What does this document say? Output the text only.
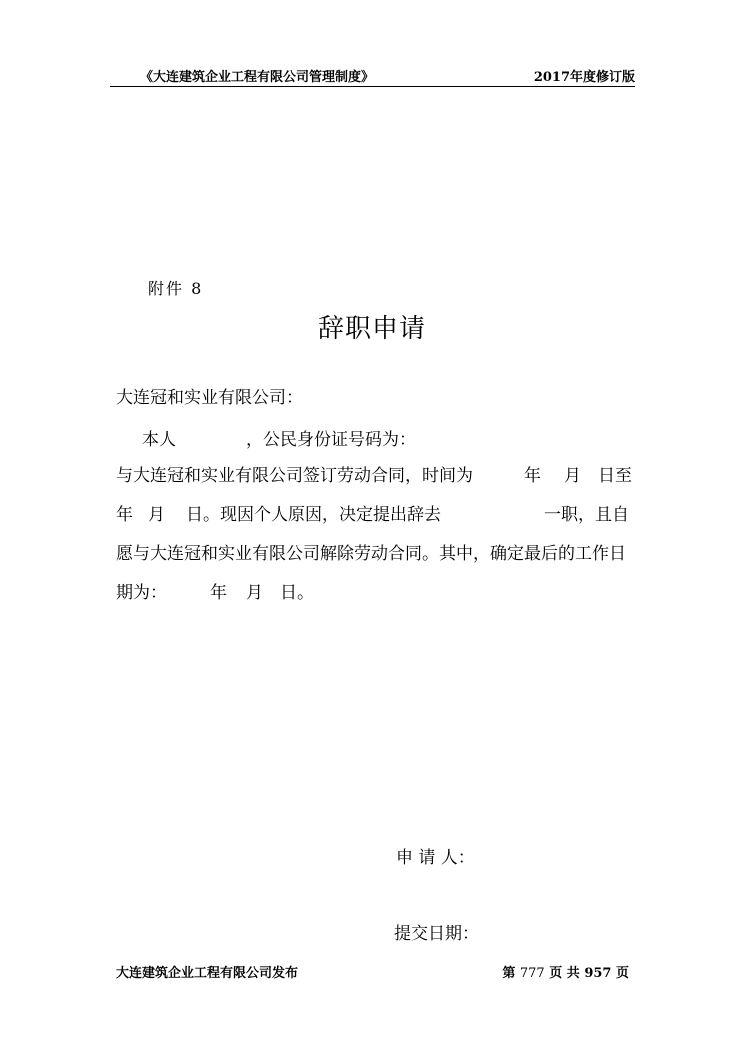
《大连建筑企业工程有限公司管理制度》	2017年度修订版
附件 8
辞职申请
大连冠和实业有限公司：
本人	，公民身份证号码为：
与大连冠和实业有限公司签订劳动合同，时间为	年 月 日至
年 月 日。现因个人原因，决定提出辞去	一职，且自
愿与大连冠和实业有限公司解除劳动合同。其中，确定最后的工作日
期为：	年 月 日。
申 请 人：
提交日期：
大连建筑企业工程有限公司发布	第 777 页 共 957 页
